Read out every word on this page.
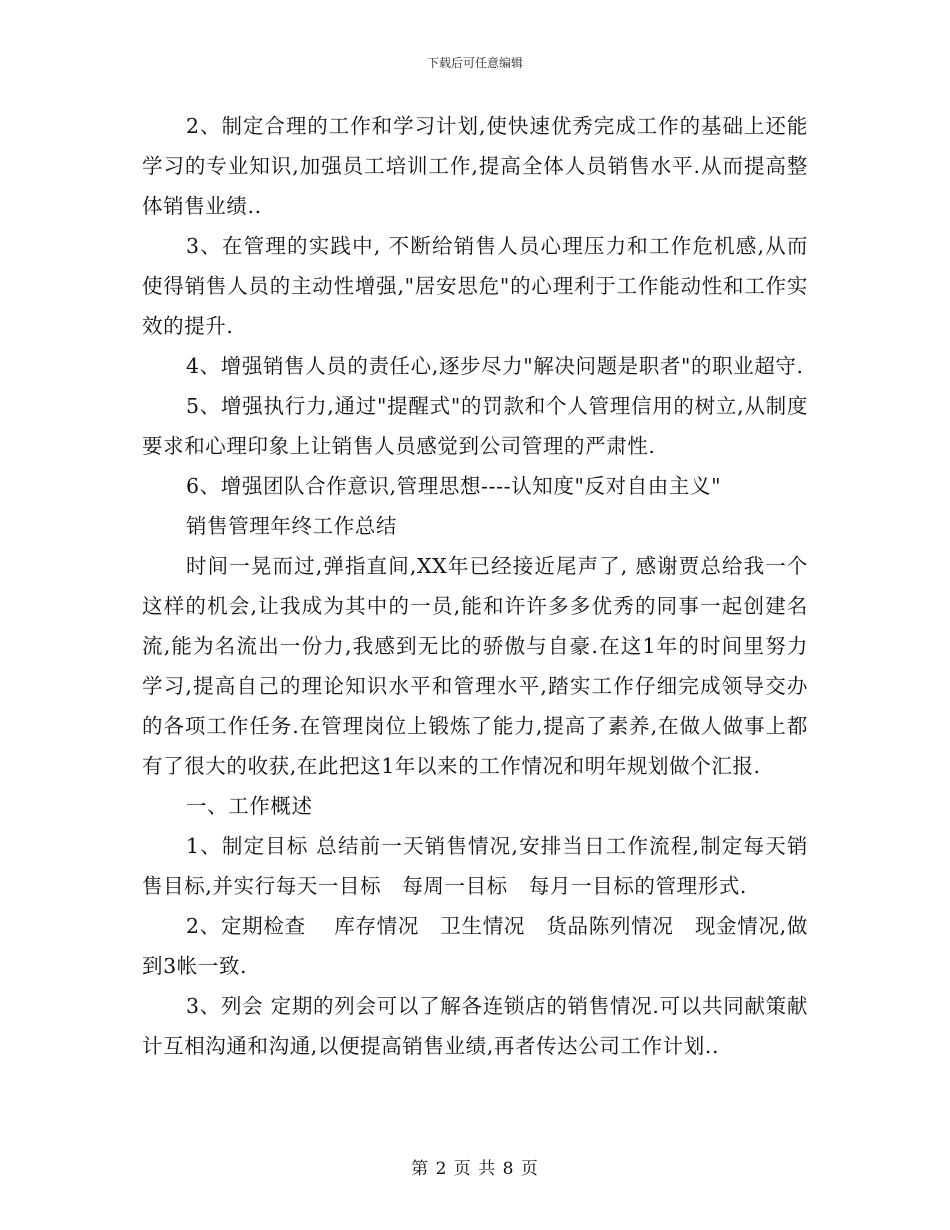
下载后可任意编辑

2、制定合理的工作和学习计划,使快速优秀完成工作的基础上还能学习的专业知识,加强员工培训工作,提高全体人员销售水平.从而提高整体销售业绩..

3、在管理的实践中, 不断给销售人员心理压力和工作危机感,从而使得销售人员的主动性增强,"居安思危"的心理利于工作能动性和工作实效的提升.

4、增强销售人员的责任心,逐步尽力"解决问题是职者"的职业超守.

5、增强执行力,通过"提醒式"的罚款和个人管理信用的树立,从制度要求和心理印象上让销售人员感觉到公司管理的严肃性.

6、增强团队合作意识,管理思想----认知度"反对自由主义"

销售管理年终工作总结

时间一晃而过,弹指直间,XX年已经接近尾声了, 感谢贾总给我一个这样的机会,让我成为其中的一员,能和许许多多优秀的同事一起创建名流,能为名流出一份力,我感到无比的骄傲与自豪.在这1年的时间里努力学习,提高自己的理论知识水平和管理水平,踏实工作仔细完成领导交办的各项工作任务.在管理岗位上锻炼了能力,提高了素养,在做人做事上都有了很大的收获,在此把这1年以来的工作情况和明年规划做个汇报.

一、工作概述

1、制定目标 总结前一天销售情况,安排当日工作流程,制定每天销售目标,并实行每天一目标　每周一目标　每月一目标的管理形式.

2、定期检查　 库存情况　卫生情况　货品陈列情况　现金情况,做到3帐一致.

3、列会 定期的列会可以了解各连锁店的销售情况.可以共同献策献计互相沟通和沟通,以便提高销售业绩,再者传达公司工作计划..

第 2 页 共 8 页
